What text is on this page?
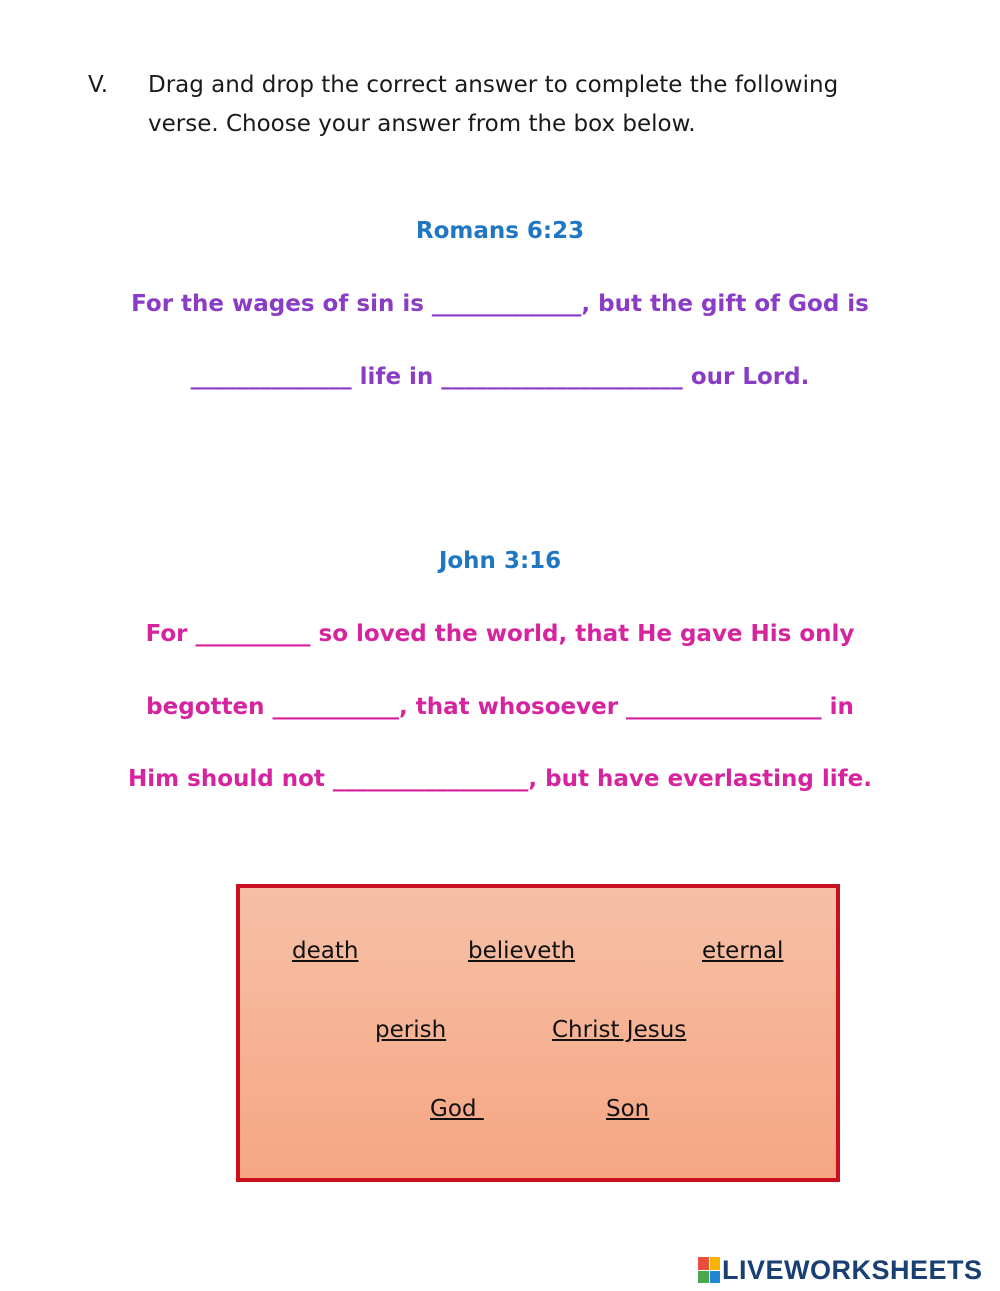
V. Drag and drop the correct answer to complete the following verse. Choose your answer from the box below.
Romans 6:23
For the wages of sin is _____________, but the gift of God is
______________ life in _____________________ our Lord.
John 3:16
For __________ so loved the world, that He gave His only
begotten ___________, that whosoever _________________ in
Him should not _________________, but have everlasting life.
death	believeth	eternal
perish	Christ Jesus
God	Son
LIVEWORKSHEETS
